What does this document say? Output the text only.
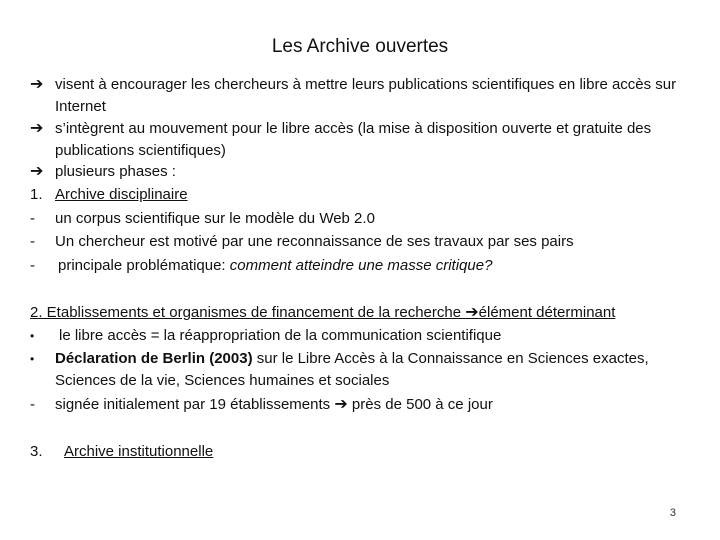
Les Archive ouvertes
➔ visent à encourager les chercheurs à mettre leurs publications scientifiques en libre accès sur Internet
➔ s’intègrent au mouvement pour le libre accès (la mise à disposition ouverte et gratuite des publications scientifiques)
➔ plusieurs phases :
1. Archive disciplinaire
-	un corpus scientifique sur le modèle du Web 2.0
-	Un chercheur est motivé par une reconnaissance de ses travaux par ses pairs
-	principale problématique: comment atteindre une masse critique?
2. Etablissements et organismes de financement de la recherche ➔élément déterminant
•	le libre accès = la réappropriation de la communication scientifique
•	Déclaration de Berlin (2003) sur le Libre Accès à la Connaissance en Sciences exactes, Sciences de la vie, Sciences humaines et sociales
-	signée initialement par 19 établissements ➔ près de 500 à ce jour
3.	Archive institutionnelle
3
